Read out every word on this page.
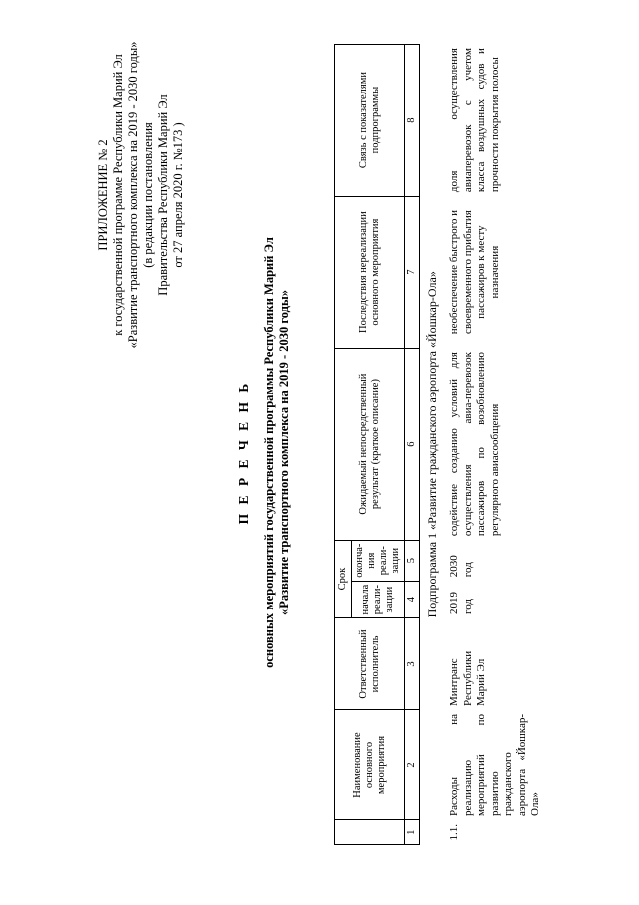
ПРИЛОЖЕНИЕ № 2 к государственной программе Республики Марий Эл «Развитие транспортного комплекса на 2019 - 2030 годы» (в редакции постановления Правительства Республики Марий Эл от 27 апреля 2020 г. №173 )
П Е Р Е Ч Е Н Ь основных мероприятий государственной программы Республики Марий Эл «Развитие транспортного комплекса на 2019 - 2030 годы»
	Наименование основного мероприятия	Ответственный исполнитель	Срок		Ожидаемый непосредственный результат (краткое описание)	Последствия нереализации основного мероприятия	Связь с показателями подпрограммы
			начала реали-зации	оконча-ния реали-зации			
1	2	3	4	5	6	7	8
Подпрограмма 1 «Развитие гражданского аэропорта «Йошкар-Ола»							
1.1.	Расходы на реализацию мероприятий по развитию гражданского аэропорта «Йошкар-Ола»	Минтранс Республики Марий Эл	2019 год	2030 год	содействие созданию условий для осуществления авиа-перевозок пассажиров по возобновлению регулярного авиасообщения	необеспечение быстрого и своевременного прибытия пассажиров к месту назначения	доля осуществления авиаперевозок с учетом класса воздушных судов и прочности покрытия полосы
